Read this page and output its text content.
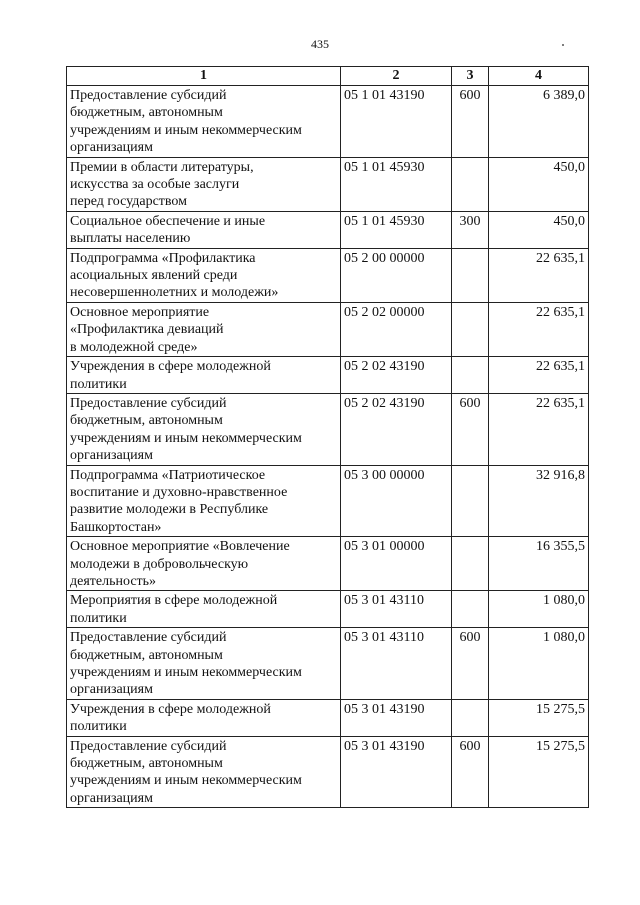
435
1	2	3	4

Предоставление субсидий
бюджетным, автономным
учреждениям и иным некоммерческим
организациям	05 1 01 43190	600	6 389,0

Премии в области литературы,
искусства за особые заслуги
перед государством	05 1 01 45930		450,0

Социальное обеспечение и иные
выплаты населению	05 1 01 45930	300	450,0

Подпрограмма «Профилактика
асоциальных явлений среди
несовершеннолетних и молодежи»	05 2 00 00000		22 635,1

Основное мероприятие
«Профилактика девиаций
в молодежной среде»	05 2 02 00000		22 635,1

Учреждения в сфере молодежной
политики	05 2 02 43190		22 635,1

Предоставление субсидий
бюджетным, автономным
учреждениям и иным некоммерческим
организациям	05 2 02 43190	600	22 635,1

Подпрограмма «Патриотическое
воспитание и духовно-нравственное
развитие молодежи в Республике
Башкортостан»	05 3 00 00000		32 916,8

Основное мероприятие «Вовлечение
молодежи в добровольческую
деятельность»	05 3 01 00000		16 355,5

Мероприятия в сфере молодежной
политики	05 3 01 43110		1 080,0

Предоставление субсидий
бюджетным, автономным
учреждениям и иным некоммерческим
организациям	05 3 01 43110	600	1 080,0

Учреждения в сфере молодежной
политики	05 3 01 43190		15 275,5

Предоставление субсидий
бюджетным, автономным
учреждениям и иным некоммерческим
организациям	05 3 01 43190	600	15 275,5
